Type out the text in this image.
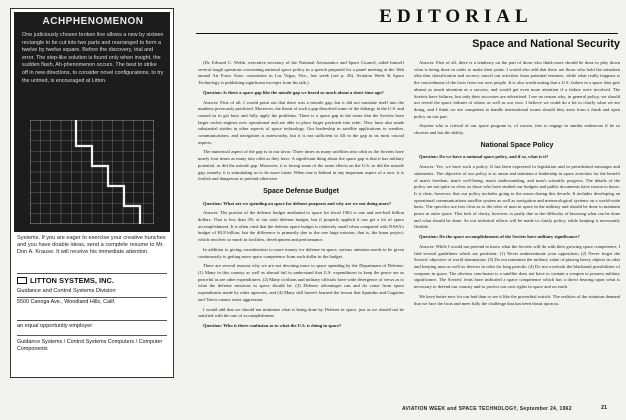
ACHPHENOMENON

One judiciously chosen broken line allows a new by sixteen rectangle to be cut into two parts and rearranged to form a twelve by twelve square. Before the discovery, trial and error. The step-like solution is found only when insight, the sudden flash, Ah-phenomenon occurs. The best to strike off in new directions, to consider novel configurations, to try the untried, is encouraged at Litton.

Systems. If you are eager to exercise your creative hunches and you have doable ideas, send a complete resume to Mr. Don A. Krause. It will receive his immediate attention.

LITTON SYSTEMS, INC.
Guidance and Control Systems Division

5500 Canoga Ave., Woodland Hills, Calif.

an equal opportunity employer

Guidance Systems / Control Systems Computers / Computer Components

EDITORIAL
Space and National Security

(Dr. Edward C. Welsh, executive secretary of the National Aeronautics and Space Council, aided himself several tough questions concerning national space policy in a speech prepared for a panel meeting at the 16th annual Air Force Assn. convention in Las Vegas, Nev., last week (see p. 26). Aviation Week & Space Technology is publishing significant excerpts from his talk.)

Question: Is there a space gap like the missile gap we heard so much about a short time ago?

Answer: First of all, I would point out that there was a missile gap, but it did not translate itself into the numbers previously predicted. Moreover, the threat of such a gap dissolved some of the lethargy in the U.S. and caused us to get busy and fully apply the problems. There is a space gap in the sense that the Soviets have larger rocket engines now operational and are able to place larger payloads into orbit. They have also made substantial strides in other aspects of space technology. Our leadership in satellite applications to weather, communications, and navigation is noteworthy, but it is not sufficient to fill in the gap in its most crucial aspects.

The numerical aspect of the gap is in our favor. Three times as many satellites into orbit as the Soviets have nearly four times as many into orbit as they have. A significant thing about the space gap is that it has military potential, as did the missile gap. Moreover, it is facing some of the same effects on the U.S. as did the missile gap, namely, it is stimulating us to do more faster. When one is behind in any important aspect of a race, it is foolish and dangerous to pretend otherwise.

Space Defense Budget

Question: What are we spending on space for defense purposes and why are we not doing more?

Answer: The portion of the defense budget attributed to space for fiscal 1963 is one and one-half billion dollars. That is less than 3% of our total defense budget, but if properly applied it can get a lot of space accomplishment. It is often cited that the defense space budget is relatively small when compared with NASA's budget of $3.8 billion, but the difference is primarily due to the one large mission, that is, the lunar project, which involves so much in facilities, development and performance.

In addition to giving consideration to more money for defense in space, serious attention needs to be given continuously to getting more space competence from each dollar in the budget.

There are several reasons why we are not devoting more to space spending by the Department of Defense: (1) Many in this country as well as abroad fail to understand that U.S. expenditures to keep the peace are as peaceful as are other expenditures. (2) Many civilians and military officials have wide divergence of views as to what the defense missions in space should be. (3) Defense advantages can and do come from space expenditures made by other agencies, and (4) Many still haven't learned the lesson that Sputniks and Gagarins and Titovs cannot resist aggression.

I would add that we should not minimize what is being done by Defense in space, just as we should not be satisfied with the rate of accomplishment.

Question: Who is there confusion as to what the U.S. is doing in space?

Answer: First of all, there is a tendency on the part of those who think more should be done to play down what is being done in order to make their point. I would also add that there are those who hold the mistaken idea that classification and secrecy cancel out activities from potential enemies, while what really happens is the concealment of the facts from our own people. It is also worth noting that a U.S. failure in a space shot gets almost as much attention as a success, and would get even more attention if a failure were involved. The Soviets have failures, but only their successes are advertised. I see no reason why, in general policy, we should not reveal the space failures of others as well as our own. I believe we could do a lot to clarify what we are doing, and I think we are competent to handle international issues should they arise from a frank and open policy on our part.

Anyone who is critical of our space program is, of course, free to engage in similar endeavors if he so chooses and has the ability.

National Space Policy

Question: Do we have a national space policy, and if so, what is it?

Answer: Yes, we have such a policy. It has been expressed in legislation and in presidential messages and statements. The objective of our policy is to attain and maintain a leadership in space activities for the benefit of man's freedom, man's well-being, man's understanding, and man's scientific progress. The details of the policy are not quite so clear, as those who have studied our budgets and public documents have reason to know. It is clear, however, that our policy includes going to the moon during this decade. It includes developing an operational communications satellite system as well as navigation and meteorological systems on a world-wide basis. The specifics are less clear as to the roles of man in space in the military and should be done to maintain peace in outer space. This lack of clarity, however, is partly due to the difficulty of knowing what can be done and what should be done. As our technical efforts will be made to clarify policy, while keeping it necessarily flexible.

Question: Do the space accomplishments of the Soviets have military significance?

Answer: While I would not pretend to know what the Soviets will do with their growing space competence, I find several guidelines which are pertinent: (1) Never underestimate your opposition; (2) Never forget the Soviets' objective of world domination; (3) Do not minimize the military value of placing heavy objects in orbit and keeping men as well as devices in orbit for long periods; (4) Do not overlook the blackmail possibilities of weapons in space. The obvious conclusion is a satellite does not have to contain a weapon to possess military significance. The Soviets' feats have indicated a space competence which has a direct bearing upon what is necessary to defend our country and to protect our own rights in space and on earth.

We have better now for our bad than to see it like the proverbial ostrich. The realities of the situation demand that we face the facts and meet fully the challenge that has been thrust upon us.

AVIATION WEEK and SPACE TECHNOLOGY, September 24, 1962	21
